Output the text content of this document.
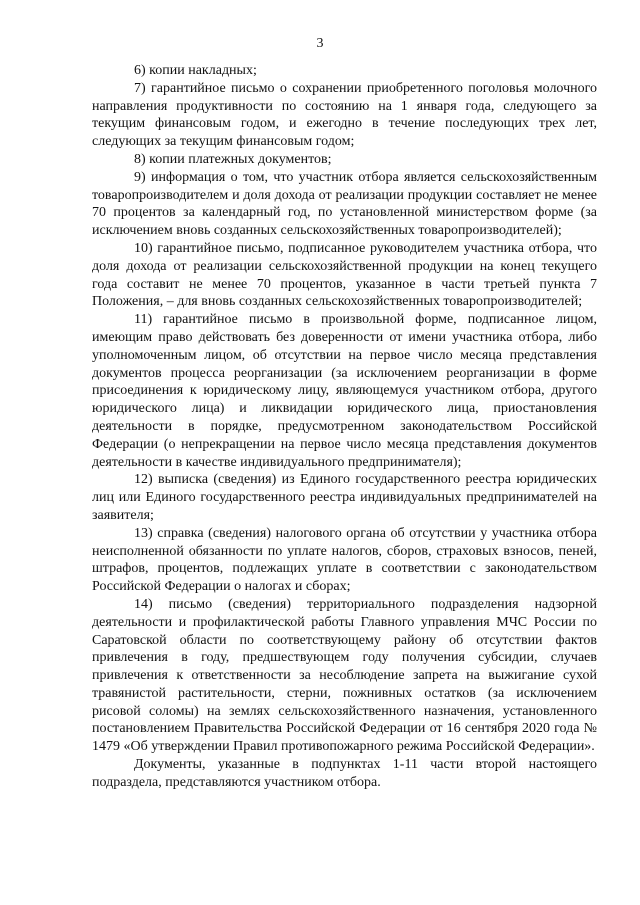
3

6) копии накладных;

7) гарантийное письмо о сохранении приобретенного поголовья молочного направления продуктивности по состоянию на 1 января года, следующего за текущим финансовым годом, и ежегодно в течение последующих трех лет, следующих за текущим финансовым годом;

8) копии платежных документов;

9) информация о том, что участник отбора является сельскохозяйственным товаропроизводителем и доля дохода от реализации продукции составляет не менее 70 процентов за календарный год, по установленной министерством форме (за исключением вновь созданных сельскохозяйственных товаропроизводителей);

10) гарантийное письмо, подписанное руководителем участника отбора, что доля дохода от реализации сельскохозяйственной продукции на конец текущего года составит не менее 70 процентов, указанное в части третьей пункта 7 Положения, – для вновь созданных сельскохозяйственных товаропроизводителей;

11) гарантийное письмо в произвольной форме, подписанное лицом, имеющим право действовать без доверенности от имени участника отбора, либо уполномоченным лицом, об отсутствии на первое число месяца представления документов процесса реорганизации (за исключением реорганизации в форме присоединения к юридическому лицу, являющемуся участником отбора, другого юридического лица) и ликвидации юридического лица, приостановления деятельности в порядке, предусмотренном законодательством Российской Федерации (о непрекращении на первое число месяца представления документов деятельности в качестве индивидуального предпринимателя);

12) выписка (сведения) из Единого государственного реестра юридических лиц или Единого государственного реестра индивидуальных предпринимателей на заявителя;

13) справка (сведения) налогового органа об отсутствии у участника отбора неисполненной обязанности по уплате налогов, сборов, страховых взносов, пеней, штрафов, процентов, подлежащих уплате в соответствии с законодательством Российской Федерации о налогах и сборах;

14) письмо (сведения) территориального подразделения надзорной деятельности и профилактической работы Главного управления МЧС России по Саратовской области по соответствующему району об отсутствии фактов привлечения в году, предшествующем году получения субсидии, случаев привлечения к ответственности за несоблюдение запрета на выжигание сухой травянистой растительности, стерни, пожнивных остатков (за исключением рисовой соломы) на землях сельскохозяйственного назначения, установленного постановлением Правительства Российской Федерации от 16 сентября 2020 года № 1479 «Об утверждении Правил противопожарного режима Российской Федерации».

Документы, указанные в подпунктах 1-11 части второй настоящего подраздела, представляются участником отбора.
